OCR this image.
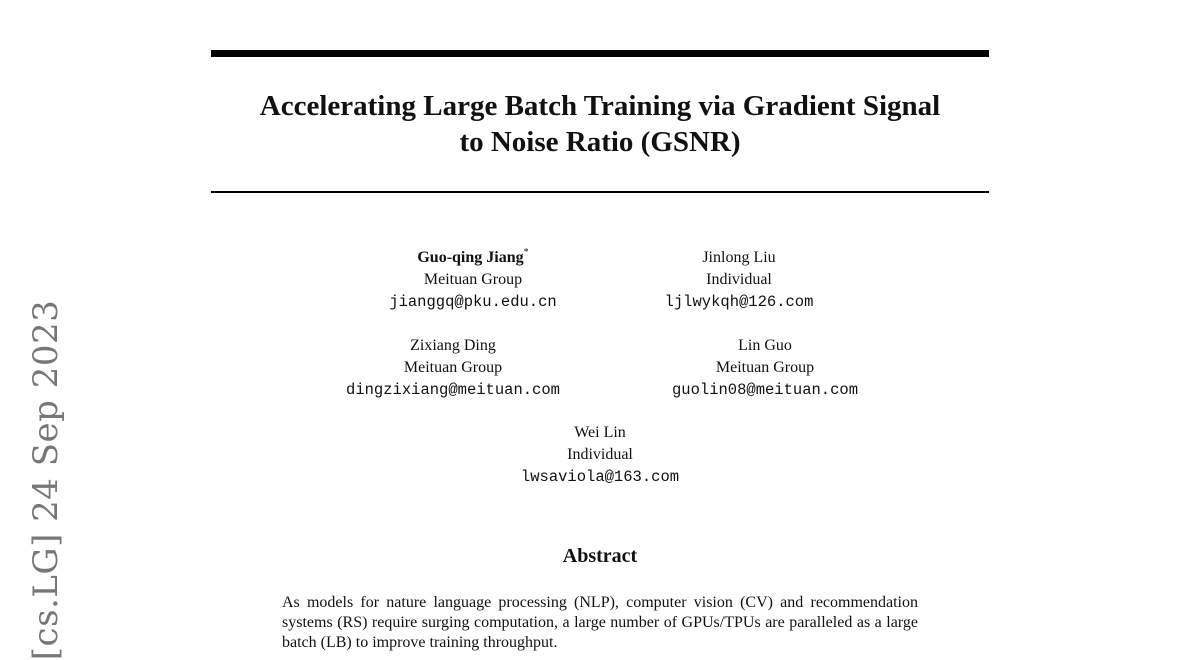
[cs.LG] 24 Sep 2023
Accelerating Large Batch Training via Gradient Signal
to Noise Ratio (GSNR)
Guo-qing Jiang*
Meituan Group
jianggq@pku.edu.cn
Jinlong Liu
Individual
ljlwykqh@126.com
Zixiang Ding
Meituan Group
dingzixiang@meituan.com
Lin Guo
Meituan Group
guolin08@meituan.com
Wei Lin
Individual
lwsaviola@163.com
Abstract

As models for nature language processing (NLP), computer vision (CV) and recommendation systems (RS) require surging computation, a large number of GPUs/TPUs are paralleled as a large batch (LB) to improve training throughput.
